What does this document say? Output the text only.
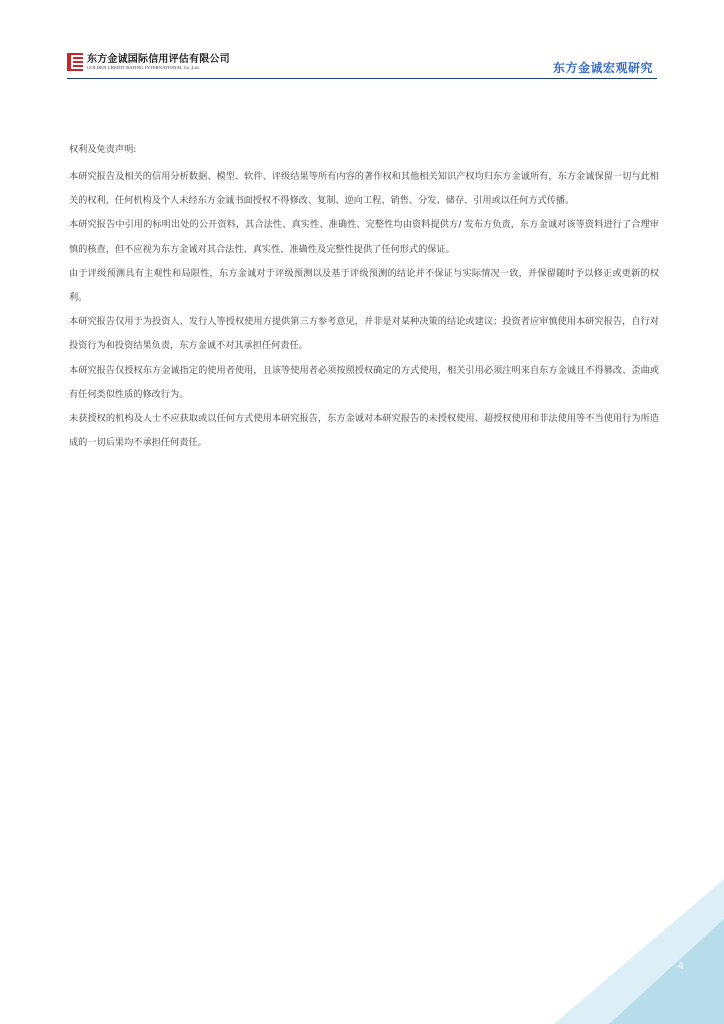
东方金诚国际信用评估有限公司
GOLDEN CREDIT RATING INTERNATIONAL Co.,Ltd.	东方金诚宏观研究
权利及免责声明:
本研究报告及相关的信用分析数据、模型、软件、评级结果等所有内容的著作权和其他相关知识产权均归东方金诚所有，东方金诚保留一切与此相关的权利，任何机构及个人未经东方金诚书面授权不得修改、复制、逆向工程、销售、分发、储存、引用或以任何方式传播。
本研究报告中引用的标明出处的公开资料，其合法性、真实性、准确性、完整性均由资料提供方/ 发布方负责，东方金诚对该等资料进行了合理审慎的核查，但不应视为东方金诚对其合法性、真实性、准确性及完整性提供了任何形式的保证。
由于评级预测具有主观性和局限性，东方金诚对于评级预测以及基于评级预测的结论并不保证与实际情况一致，并保留随时予以修正或更新的权利。
本研究报告仅用于为投资人、发行人等授权使用方提供第三方参考意见，并非是对某种决策的结论或建议；投资者应审慎使用本研究报告，自行对投资行为和投资结果负责，东方金诚不对其承担任何责任。
本研究报告仅授权东方金诚指定的使用者使用，且该等使用者必须按照授权确定的方式使用，相关引用必须注明来自东方金诚且不得篡改、歪曲或有任何类似性质的修改行为。
未获授权的机构及人士不应获取或以任何方式使用本研究报告，东方金诚对本研究报告的未授权使用、超授权使用和非法使用等不当使用行为所造成的一切后果均不承担任何责任。
4
